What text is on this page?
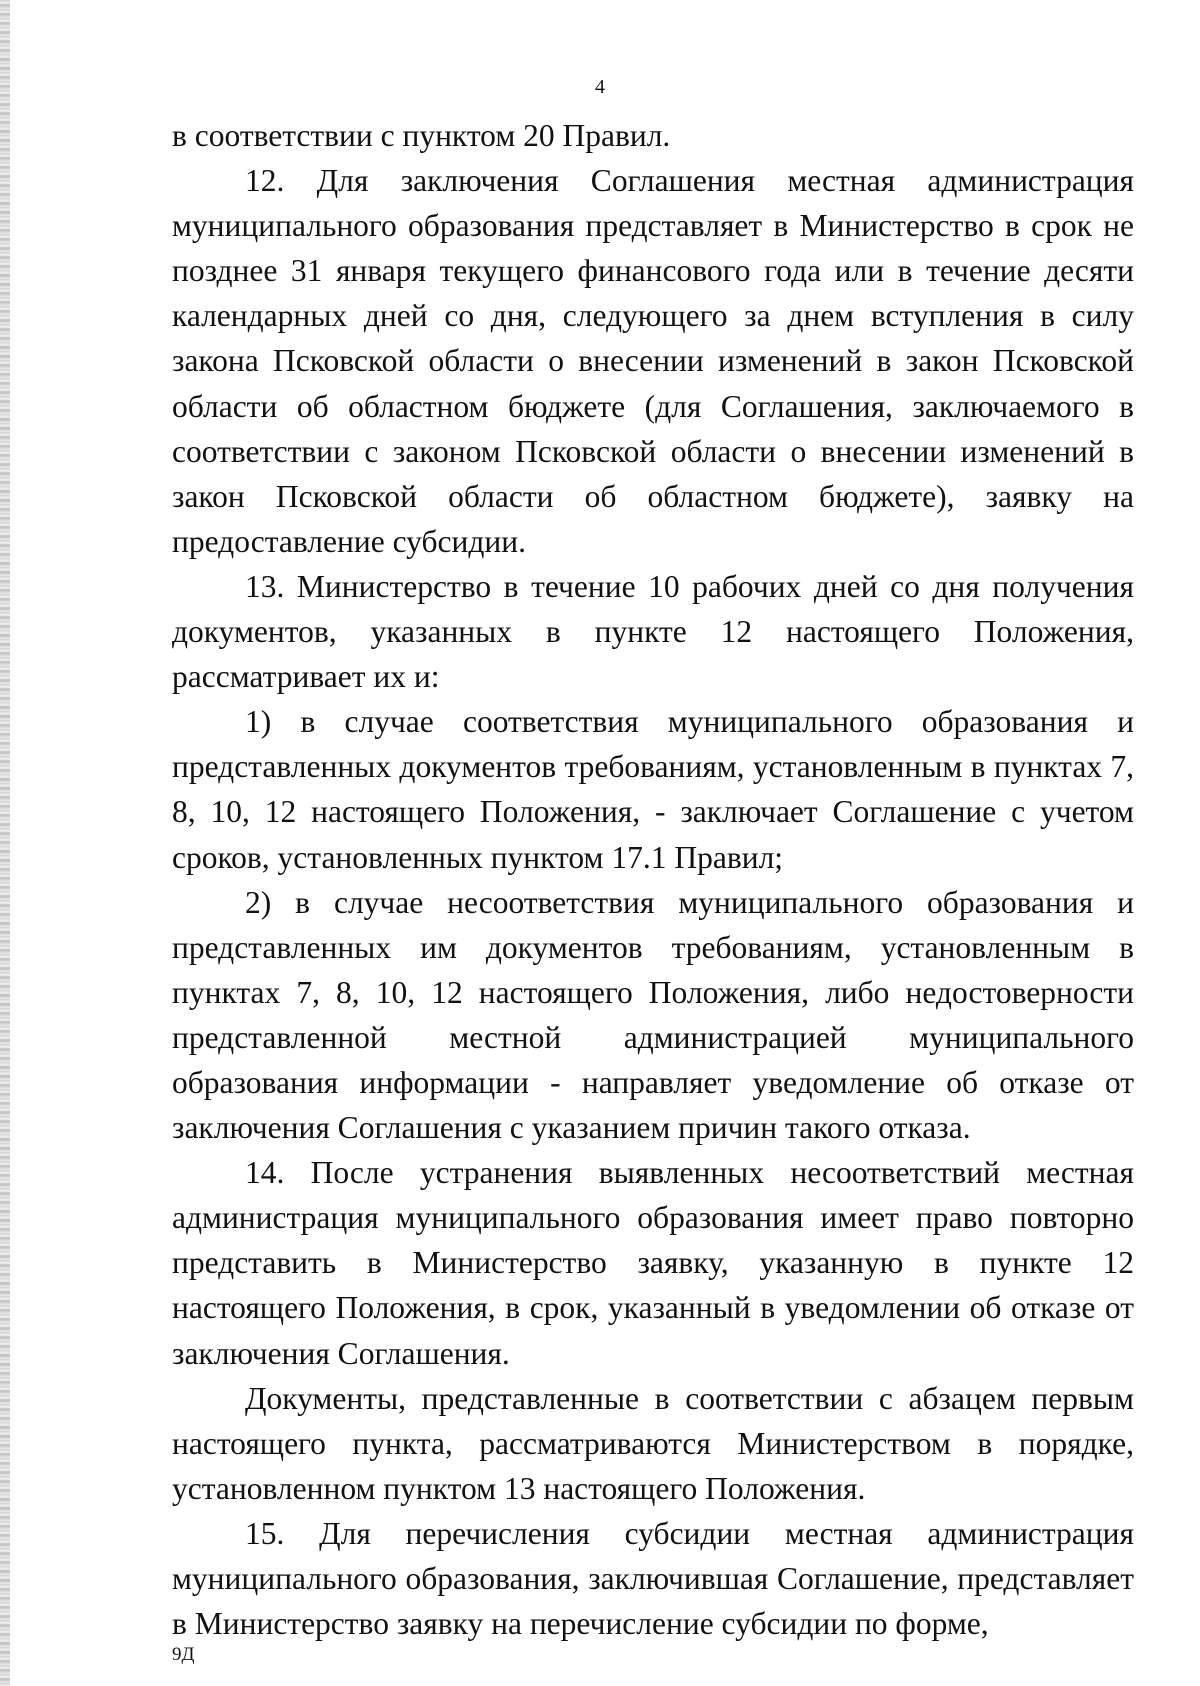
4

в соответствии с пунктом 20 Правил.

12. Для заключения Соглашения местная администрация муниципального образования представляет в Министерство в срок не позднее 31 января текущего финансового года или в течение десяти календарных дней со дня, следующего за днем вступления в силу закона Псковской области о внесении изменений в закон Псковской области об областном бюджете (для Соглашения, заключаемого в соответствии с законом Псковской области о внесении изменений в закон Псковской области об областном бюджете), заявку на предоставление субсидии.

13. Министерство в течение 10 рабочих дней со дня получения документов, указанных в пункте 12 настоящего Положения, рассматривает их и:

1) в случае соответствия муниципального образования и представленных документов требованиям, установленным в пунктах 7, 8, 10, 12 настоящего Положения, - заключает Соглашение с учетом сроков, установленных пунктом 17.1 Правил;

2) в случае несоответствия муниципального образования и представленных им документов требованиям, установленным в пунктах 7, 8, 10, 12 настоящего Положения, либо недостоверности представленной местной администрацией муниципального образования информации - направляет уведомление об отказе от заключения Соглашения с указанием причин такого отказа.

14. После устранения выявленных несоответствий местная администрация муниципального образования имеет право повторно представить в Министерство заявку, указанную в пункте 12 настоящего Положения, в срок, указанный в уведомлении об отказе от заключения Соглашения.

Документы, представленные в соответствии с абзацем первым настоящего пункта, рассматриваются Министерством в порядке, установленном пунктом 13 настоящего Положения.

15. Для перечисления субсидии местная администрация муниципального образования, заключившая Соглашение, представляет в Министерство заявку на перечисление субсидии по форме,

9Д
